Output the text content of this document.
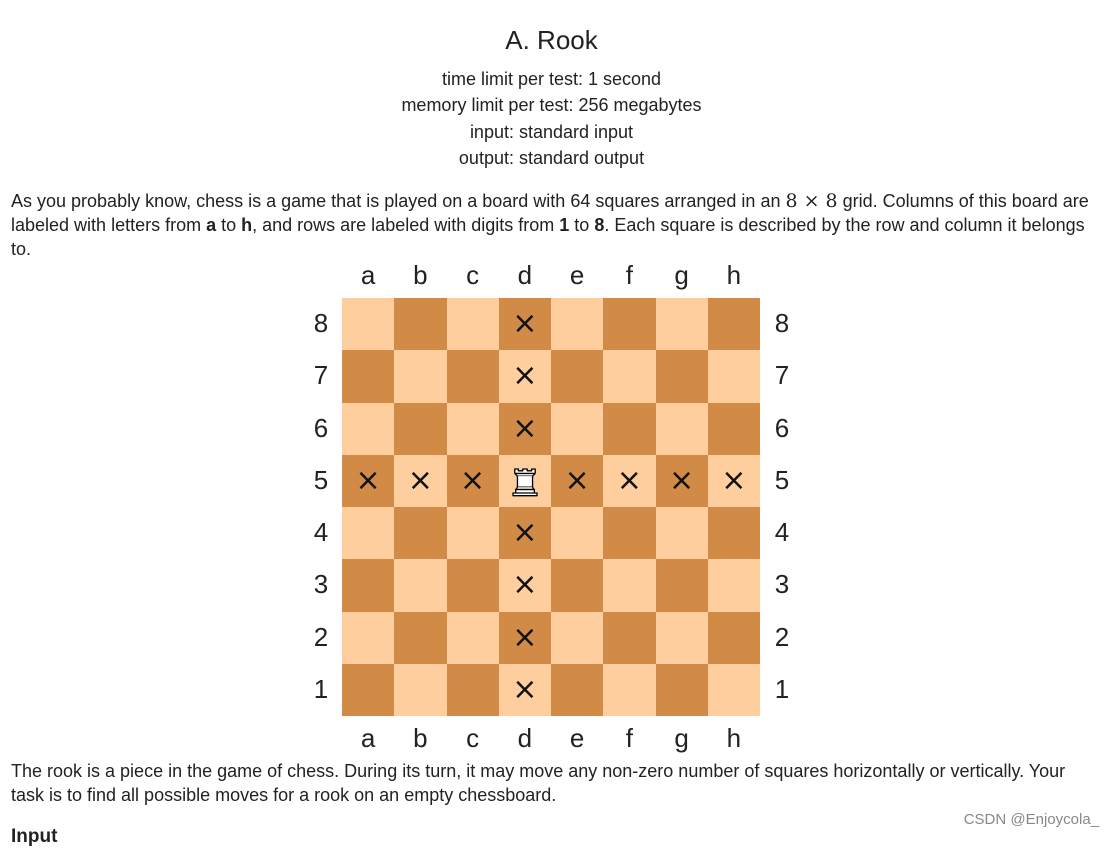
A. Rook
time limit per test: 1 second
memory limit per test: 256 megabytes
input: standard input
output: standard output
As you probably know, chess is a game that is played on a board with 64 squares arranged in an 8 × 8 grid. Columns of this board are labeled with letters from a to h, and rows are labeled with digits from 1 to 8. Each square is described by the row and column it belongs to.
×
×
×
× × ×	× × × ×
×
×
×
×
a
a
b
b
c
c
d
d
e
e
f
f
g
g
h
h
8	8
7	7
6	6
5	5
4	4
3	3
2	2
1	1
The rook is a piece in the game of chess. During its turn, it may move any non-zero number of squares horizontally or vertically. Your task is to find all possible moves for a rook on an empty chessboard.
CSDN @Enjoycola_
Input
